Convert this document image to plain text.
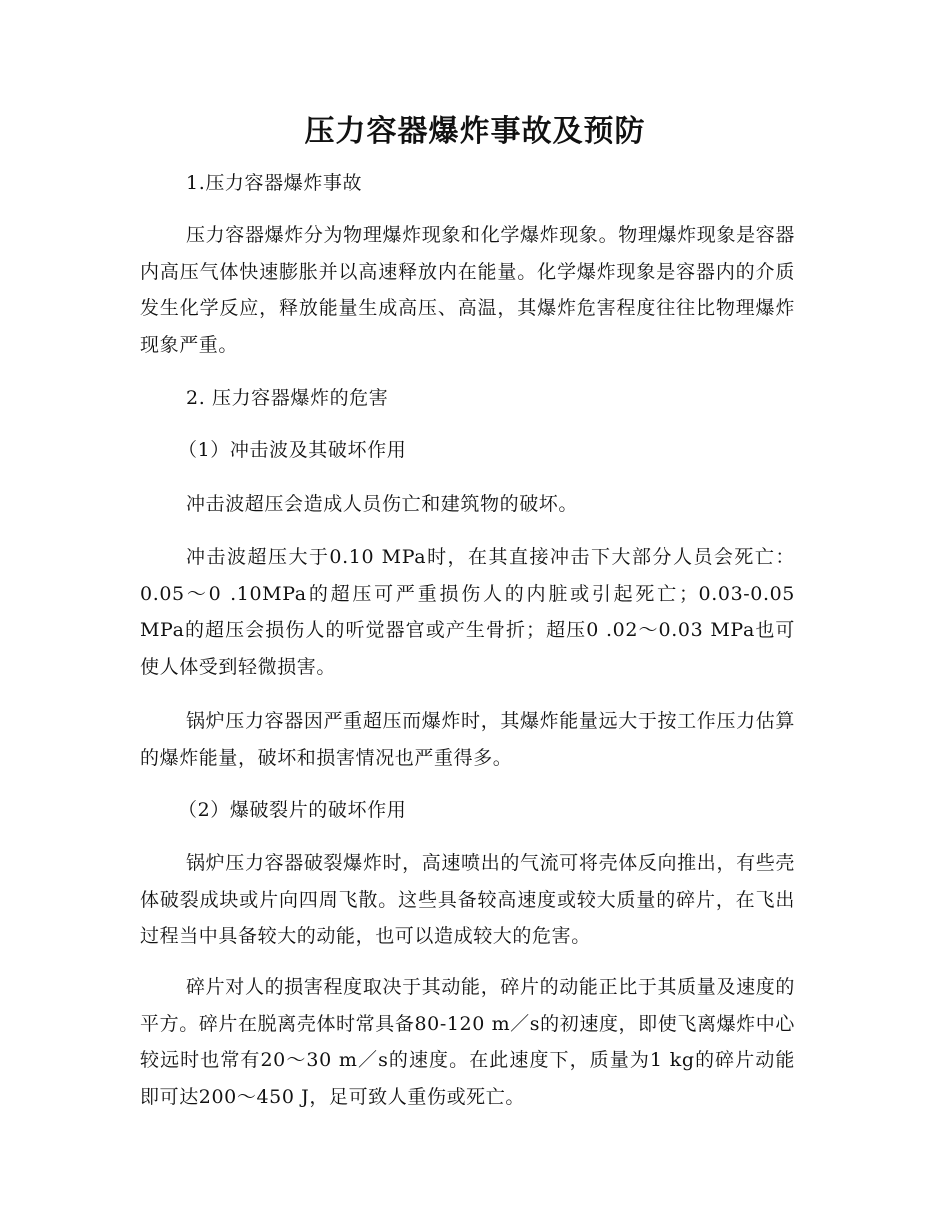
压力容器爆炸事故及预防

1.压力容器爆炸事故

压力容器爆炸分为物理爆炸现象和化学爆炸现象。物理爆炸现象是容器内高压气体快速膨胀并以高速释放内在能量。化学爆炸现象是容器内的介质发生化学反应，释放能量生成高压、高温，其爆炸危害程度往往比物理爆炸现象严重。

2. 压力容器爆炸的危害

（1）冲击波及其破坏作用

冲击波超压会造成人员伤亡和建筑物的破坏。

冲击波超压大于0.10 MPa时，在其直接冲击下大部分人员会死亡：0.05～0 .10MPa的超压可严重损伤人的内脏或引起死亡；0.03-0.05 MPa的超压会损伤人的听觉器官或产生骨折；超压0 .02～0.03 MPa也可使人体受到轻微损害。

锅炉压力容器因严重超压而爆炸时，其爆炸能量远大于按工作压力估算的爆炸能量，破坏和损害情况也严重得多。

（2）爆破裂片的破坏作用

锅炉压力容器破裂爆炸时，高速喷出的气流可将壳体反向推出，有些壳体破裂成块或片向四周飞散。这些具备较高速度或较大质量的碎片，在飞出过程当中具备较大的动能，也可以造成较大的危害。

碎片对人的损害程度取决于其动能，碎片的动能正比于其质量及速度的平方。碎片在脱离壳体时常具备80-120 m／s的初速度，即使飞离爆炸中心较远时也常有20～30 m／s的速度。在此速度下，质量为1 kg的碎片动能即可达200～450 J，足可致人重伤或死亡。
